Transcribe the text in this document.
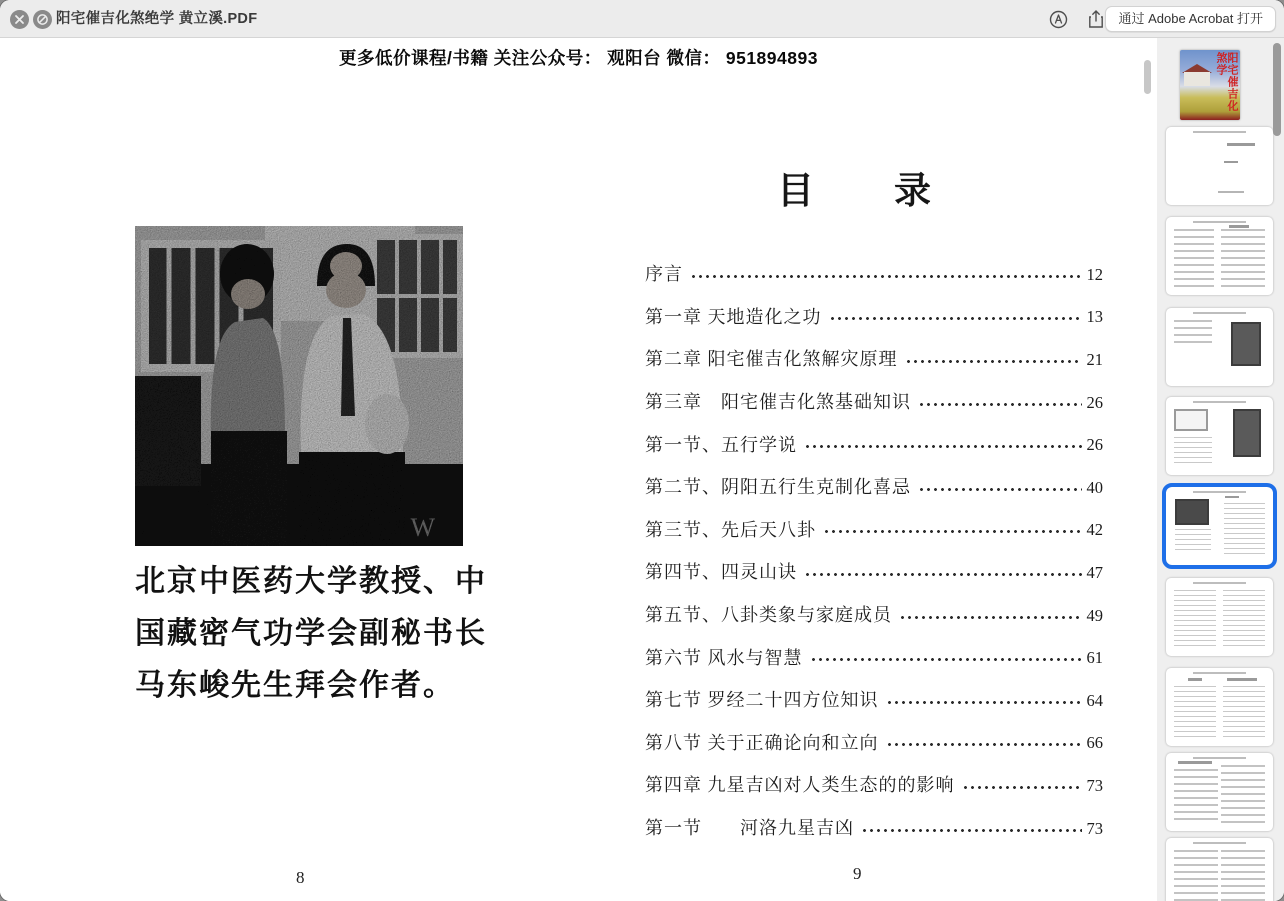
阳宅催吉化煞绝学 黄立溪.PDF	通过 Adobe Acrobat 打开
更多低价课程/书籍 关注公众号： 观阳台 微信： 951894893
W
北京中医药大学教授、中
国藏密气功学会副秘书长
马东峻先生拜会作者。
8
目　　录
序言	12
第一章 天地造化之功	13
第二章 阳宅催吉化煞解灾原理	21
第三章　阳宅催吉化煞基础知识	26
第一节、五行学说	26
第二节、阴阳五行生克制化喜忌	40
第三节、先后天八卦	42
第四节、四灵山诀	47
第五节、八卦类象与家庭成员	49
第六节 风水与智慧	61
第七节 罗经二十四方位知识	64
第八节 关于正确论向和立向	66
第四章 九星吉凶对人类生态的的影响	73
第一节　　河洛九星吉凶	73
9
阳宅催吉化煞学
